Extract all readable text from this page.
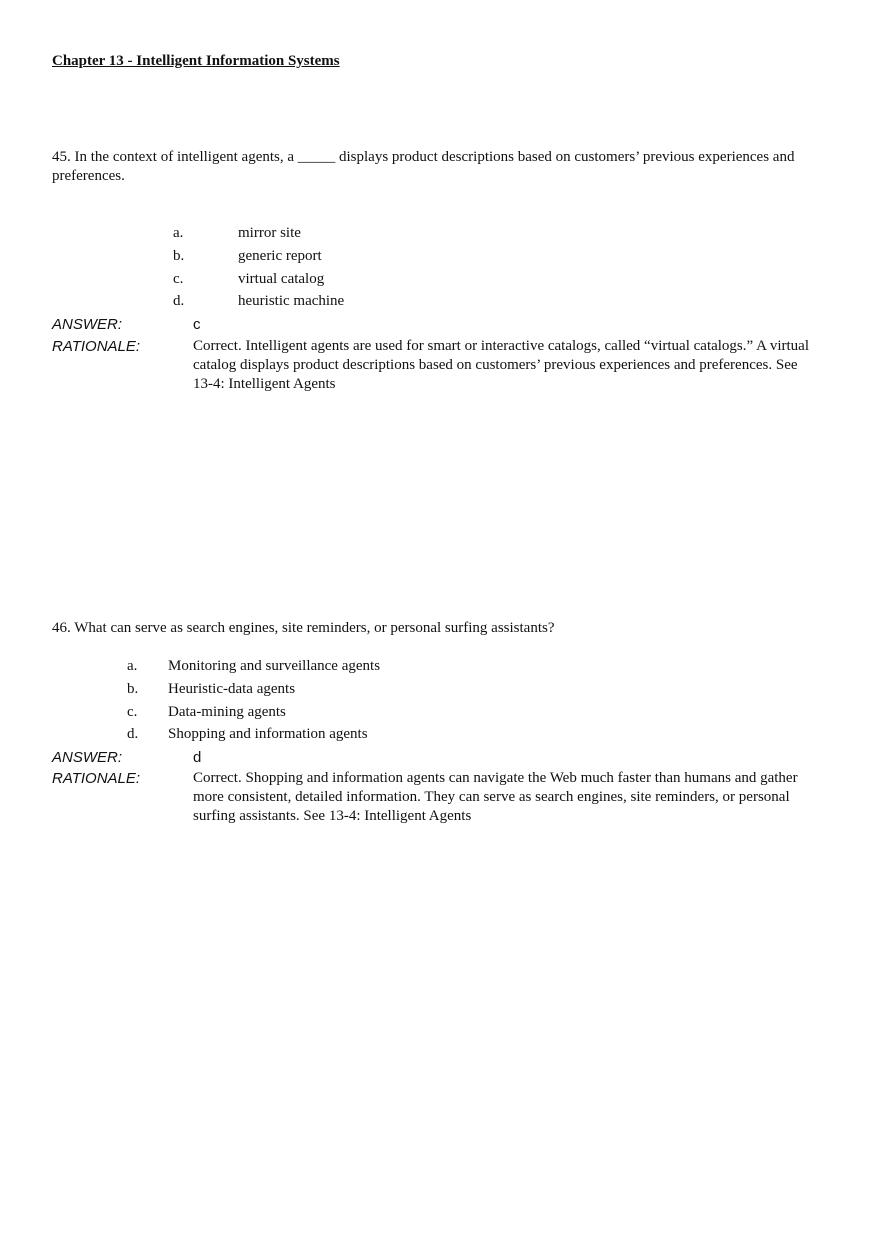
Chapter 13 - Intelligent Information Systems

45. In the context of intelligent agents, a _____ displays product descriptions based on customers’ previous experiences and preferences.

a.	mirror site
b.	generic report
c.	virtual catalog
d.	heuristic machine
ANSWER:	c
RATIONALE:	Correct. Intelligent agents are used for smart or interactive catalogs, called “virtual catalogs.” A virtual catalog displays product descriptions based on customers’ previous experiences and preferences. See 13-4: Intelligent Agents

46. What can serve as search engines, site reminders, or personal surfing assistants?

a. Monitoring and surveillance agents
b. Heuristic-data agents
c. Data-mining agents
d. Shopping and information agents
ANSWER:	d
RATIONALE:	Correct. Shopping and information agents can navigate the Web much faster than humans and gather more consistent, detailed information. They can serve as search engines, site reminders, or personal surfing assistants. See 13-4: Intelligent Agents
